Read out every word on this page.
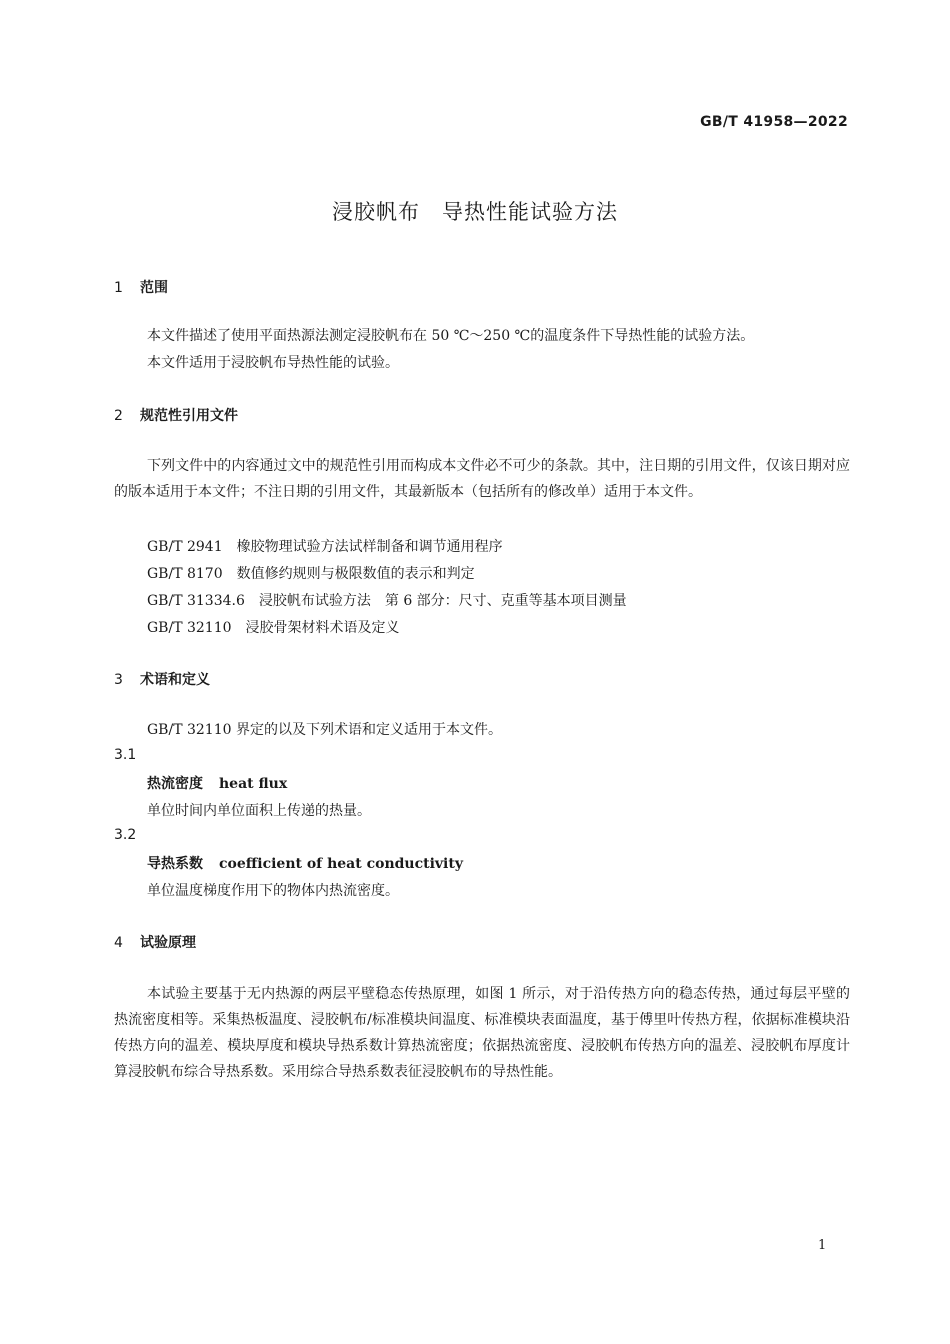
GB/T 41958—2022
浸胶帆布　导热性能试验方法
1 范围
本文件描述了使用平面热源法测定浸胶帆布在 50 ℃～250 ℃的温度条件下导热性能的试验方法。
本文件适用于浸胶帆布导热性能的试验。
2 规范性引用文件
下列文件中的内容通过文中的规范性引用而构成本文件必不可少的条款。其中，注日期的引用文件，仅该日期对应的版本适用于本文件；不注日期的引用文件，其最新版本（包括所有的修改单）适用于本文件。
GB/T 2941　橡胶物理试验方法试样制备和调节通用程序
GB/T 8170　数值修约规则与极限数值的表示和判定
GB/T 31334.6　浸胶帆布试验方法　第 6 部分：尺寸、克重等基本项目测量
GB/T 32110　浸胶骨架材料术语及定义
3 术语和定义
GB/T 32110 界定的以及下列术语和定义适用于本文件。
3.1
热流密度 heat flux
单位时间内单位面积上传递的热量。
3.2
导热系数 coefficient of heat conductivity
单位温度梯度作用下的物体内热流密度。
4 试验原理
本试验主要基于无内热源的两层平壁稳态传热原理，如图 1 所示，对于沿传热方向的稳态传热，通过每层平壁的热流密度相等。采集热板温度、浸胶帆布/标准模块间温度、标准模块表面温度，基于傅里叶传热方程，依据标准模块沿传热方向的温差、模块厚度和模块导热系数计算热流密度；依据热流密度、浸胶帆布传热方向的温差、浸胶帆布厚度计算浸胶帆布综合导热系数。采用综合导热系数表征浸胶帆布的导热性能。
1
